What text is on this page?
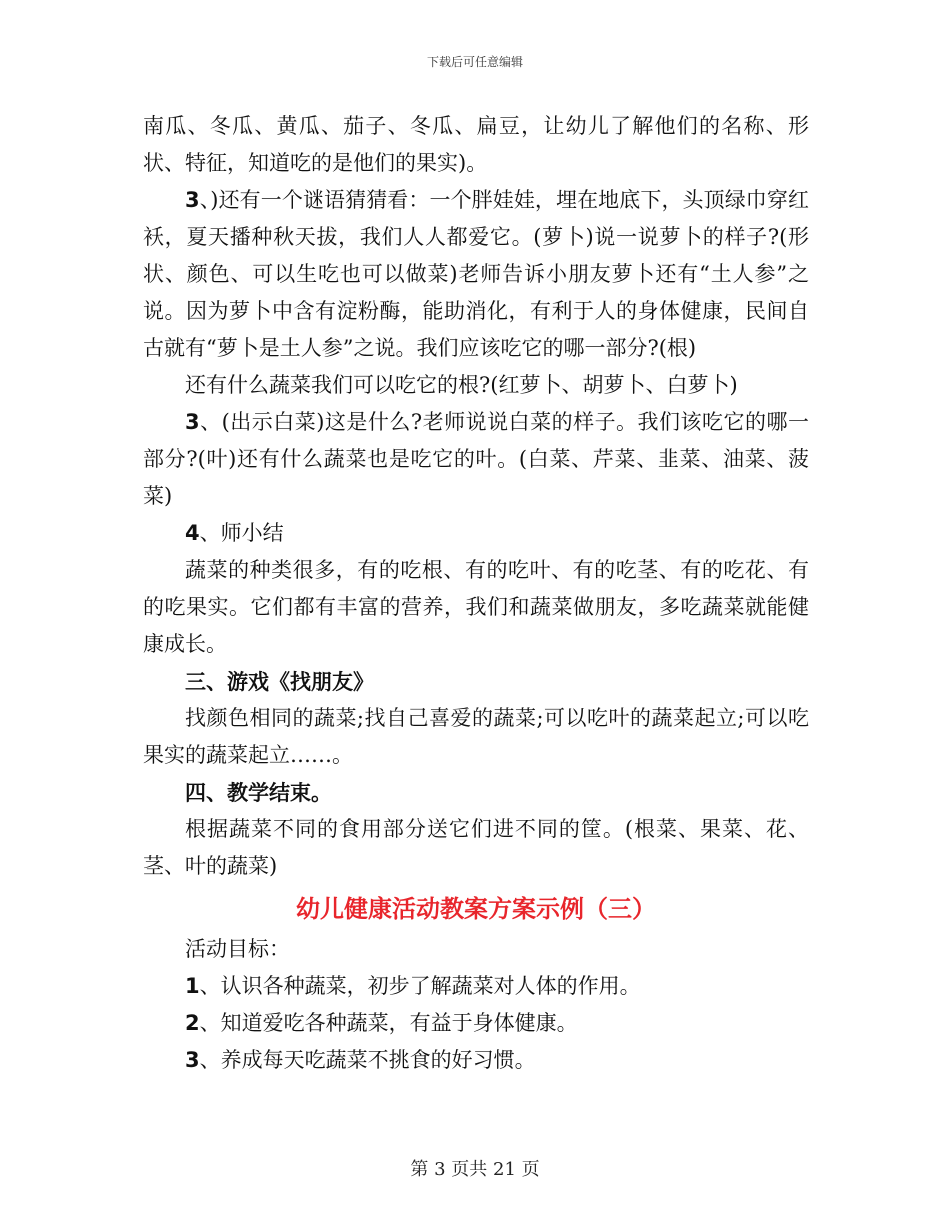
下载后可任意编辑

南瓜、冬瓜、黄瓜、茄子、冬瓜、扁豆，让幼儿了解他们的名称、形状、特征，知道吃的是他们的果实)。

3、)还有一个谜语猜猜看：一个胖娃娃，埋在地底下，头顶绿巾穿红袄，夏天播种秋天拔，我们人人都爱它。(萝卜)说一说萝卜的样子?(形状、颜色、可以生吃也可以做菜)老师告诉小朋友萝卜还有“土人参”之说。因为萝卜中含有淀粉酶，能助消化，有利于人的身体健康，民间自古就有“萝卜是土人参”之说。我们应该吃它的哪一部分?(根)

还有什么蔬菜我们可以吃它的根?(红萝卜、胡萝卜、白萝卜)

3、(出示白菜)这是什么?老师说说白菜的样子。我们该吃它的哪一部分?(叶)还有什么蔬菜也是吃它的叶。(白菜、芹菜、韭菜、油菜、菠菜)

4、师小结

蔬菜的种类很多，有的吃根、有的吃叶、有的吃茎、有的吃花、有的吃果实。它们都有丰富的营养，我们和蔬菜做朋友，多吃蔬菜就能健康成长。

三、游戏《找朋友》

找颜色相同的蔬菜;找自己喜爱的蔬菜;可以吃叶的蔬菜起立;可以吃果实的蔬菜起立……。

四、教学结束。

根据蔬菜不同的食用部分送它们进不同的筐。(根菜、果菜、花、茎、叶的蔬菜)

幼儿健康活动教案方案示例（三）

活动目标：

1、认识各种蔬菜，初步了解蔬菜对人体的作用。

2、知道爱吃各种蔬菜，有益于身体健康。

3、养成每天吃蔬菜不挑食的好习惯。

第 3 页共 21 页
